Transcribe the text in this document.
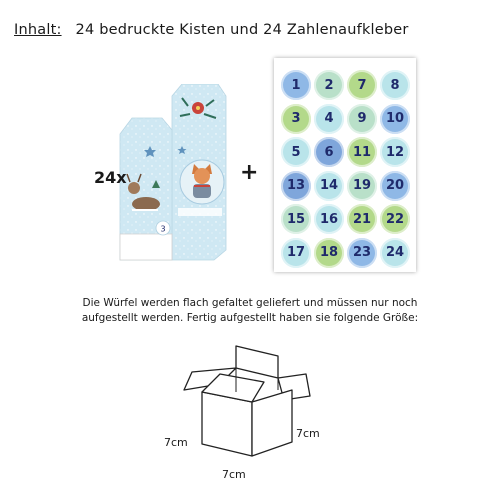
Inhalt: 24 bedruckte Kisten und 24 Zahlenaufkleber
3
24x	+
1	2	7	8
3	4	9	10
5	6	11	12
13	14	19	20
15	16	21	22
17	18	23	24
Die Würfel werden flach gefaltet geliefert und müssen nur noch
aufgestellt werden. Fertig aufgestellt haben sie folgende Größe:
7cm
7cm
7cm
